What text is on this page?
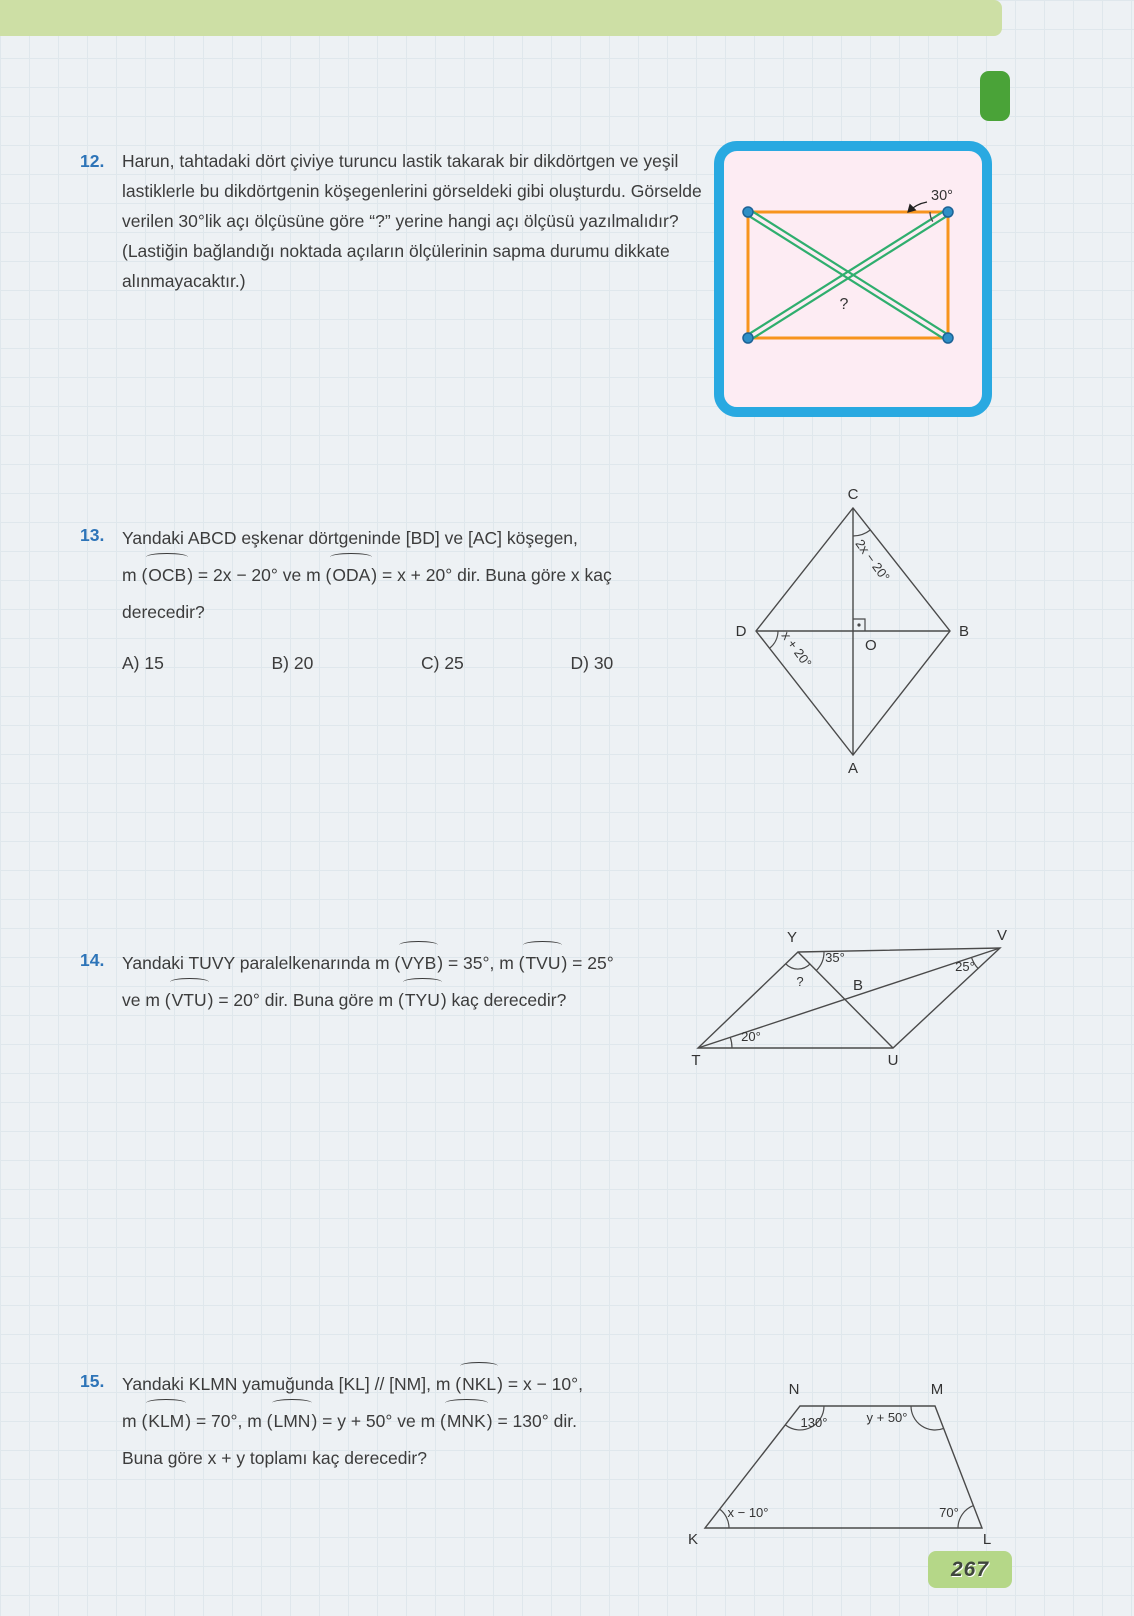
12.	Harun, tahtadaki dört çiviye turuncu lastik takarak bir dikdörtgen ve yeşil lastiklerle bu dikdörtgenin köşegenlerini görseldeki gibi oluşturdu. Görselde verilen 30°lik açı ölçüsüne göre “?” yerine hangi açı ölçüsü yazılmalıdır? (Lastiğin bağlandığı noktada açıların ölçülerinin sapma durumu dikkate alınmayacaktır.)

30°
?
13.	Yandaki ABCD eşkenar dörtgeninde [BD] ve [AC] köşegen,
m (OCB) = 2x − 20° ve m (ODA) = x + 20° dir. Buna göre x kaç
derecedir?

A) 15	B) 20	C) 25	D) 30
C
D	B
A
O
2x − 20°
x + 20°
14.	Yandaki TUVY paralelkenarında m (VYB) = 35°, m (TVU) = 25°
ve m (VTU) = 20° dir. Buna göre m (TYU) kaç derecedir?

Y	V
T	U
B
35°
?
25°
20°
15.	Yandaki KLMN yamuğunda [KL] // [NM], m (NKL) = x − 10°,
m (KLM) = 70°, m (LMN) = y + 50° ve m (MNK) = 130° dir.
Buna göre x + y toplamı kaç derecedir?

N	M
K	L
130°	y + 50°
x − 10°	70°
267
